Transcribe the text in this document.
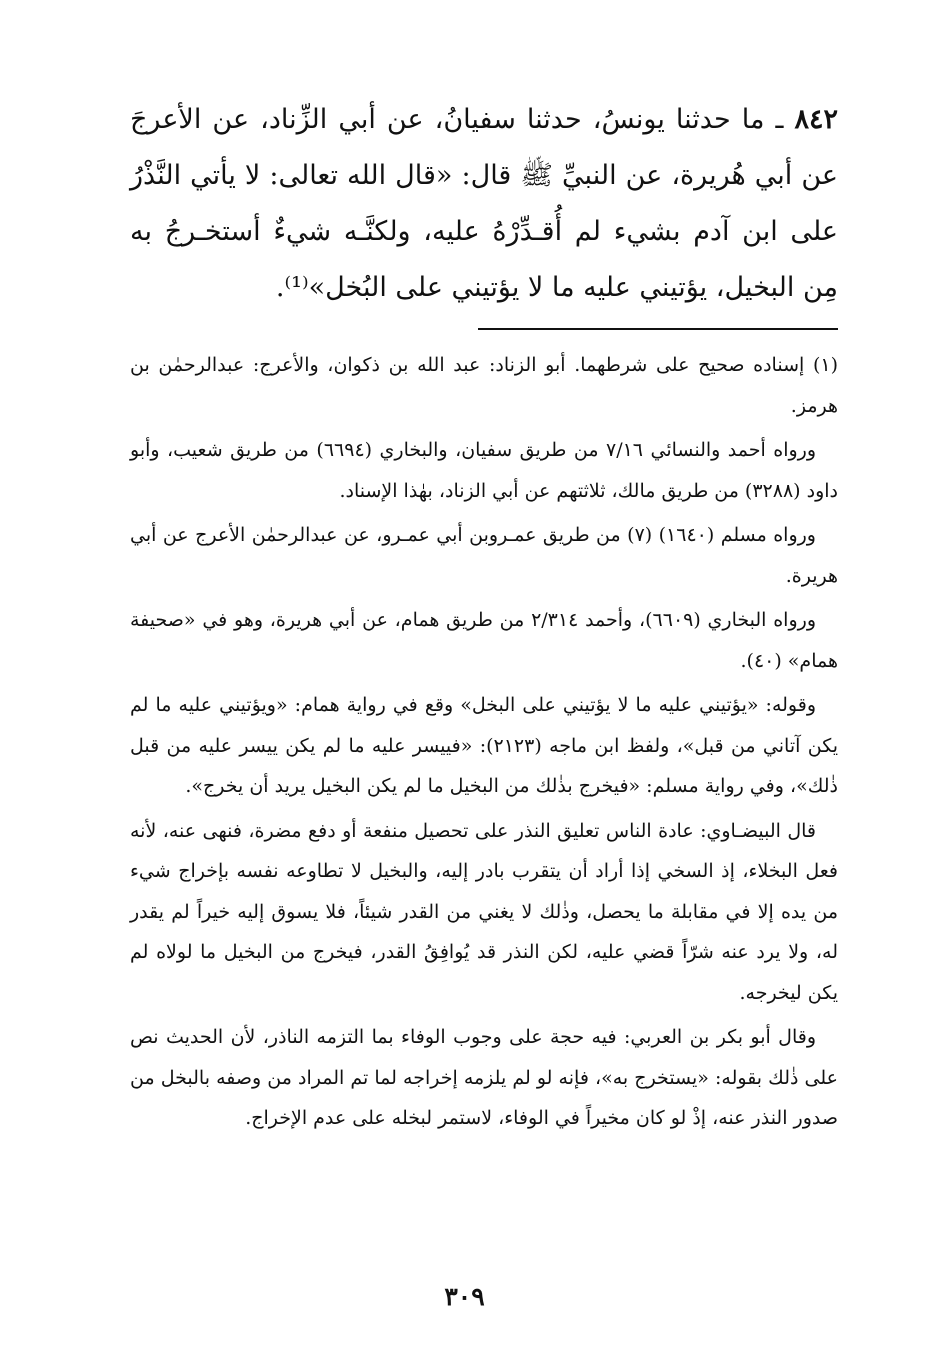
٨٤٢ ـ ما حدثنا يونسُ، حدثنا سفيانُ، عن أبي الزِّناد، عن الأعرجَ عن أبي هُريرة، عن النبيِّ ﷺ قال: «قال الله تعالى: لا يأتي النَّذْرُ على ابن آدم بشيء لم أُقـدِّرْهُ عليه، ولكنَّـه شيءٌ أستخـرجُ به مِن البخيل، يؤتيني عليه ما لا يؤتيني على البُخل»⁽¹⁾.

(١) إسناده صحيح على شرطهما. أبو الزناد: عبد الله بن ذكوان، والأعرج: عبدالرحمٰن بن هرمز.

ورواه أحمد والنسائي ٧/١٦ من طريق سفيان، والبخاري (٦٦٩٤) من طريق شعيب، وأبو داود (٣٢٨٨) من طريق مالك، ثلاثتهم عن أبي الزناد، بهٰذا الإسناد.

ورواه مسلم (١٦٤٠) (٧) من طريق عمـروبن أبي عمـرو، عن عبدالرحمٰن الأعرج عن أبي هريرة.

ورواه البخاري (٦٦٠٩)، وأحمد ٢/٣١٤ من طريق همام، عن أبي هريرة، وهو في «صحيفة همام» (٤٠).

وقوله: «يؤتيني عليه ما لا يؤتيني على البخل» وقع في رواية همام: «ويؤتيني عليه ما لم يكن آتاني من قبل»، ولفظ ابن ماجه (٢١٢٣): «فييسر عليه ما لم يكن ييسر عليه من قبل ذٰلك»، وفي رواية مسلم: «فيخرج بذٰلك من البخيل ما لم يكن البخيل يريد أن يخرج».

قال البيضـاوي: عادة الناس تعليق النذر على تحصيل منفعة أو دفع مضرة، فنهى عنه، لأنه فعل البخلاء، إذ السخي إذا أراد أن يتقرب بادر إليه، والبخيل لا تطاوعه نفسه بإخراج شيء من يده إلا في مقابلة ما يحصل، وذٰلك لا يغني من القدر شيئاً، فلا يسوق إليه خيراً لم يقدر له، ولا يرد عنه شرّاً قضي عليه، لكن النذر قد يُوافِقُ القدر، فيخرج من البخيل ما لولاه لم يكن ليخرجه.

وقال أبو بكر بن العربي: فيه حجة على وجوب الوفاء بما التزمه الناذر، لأن الحديث نص على ذٰلك بقوله: «يستخرج به»، فإنه لو لم يلزمه إخراجه لما تم المراد من وصفه بالبخل من صدور النذر عنه، إذْ لو كان مخيراً في الوفاء، لاستمر لبخله على عدم الإخراج.

٣٠٩
